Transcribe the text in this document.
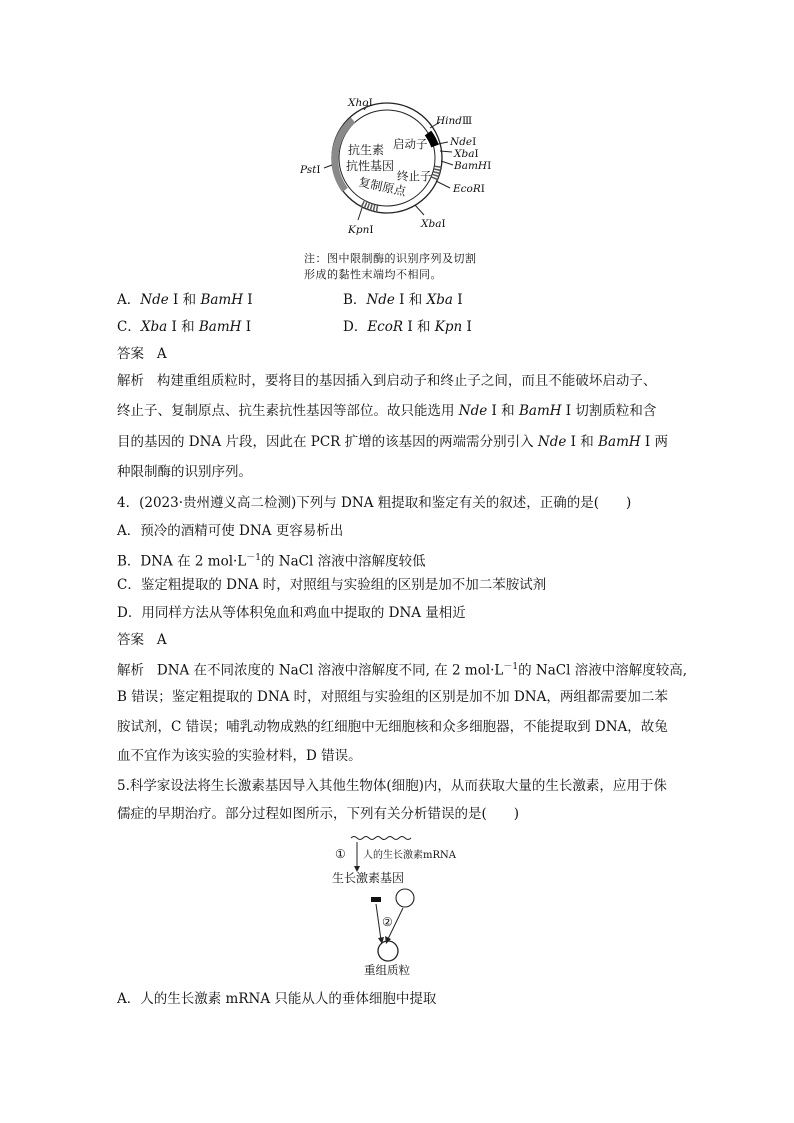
XhoⅠ
HindⅢ
NdeⅠ
XbaⅠ
BamHⅠ
EcoRⅠ
XbaⅠ
KpnⅠ
PstⅠ
启动子
终止子
抗生素
抗性基因
复制原点
注：图中限制酶的识别序列及切割
形成的黏性末端均不相同。
A．Nde Ⅰ 和 BamH Ⅰ	B．Nde Ⅰ 和 Xba Ⅰ
C．Xba Ⅰ 和 BamH Ⅰ	D．EcoR Ⅰ 和 Kpn Ⅰ
答案 A
解析 构建重组质粒时，要将目的基因插入到启动子和终止子之间，而且不能破坏启动子、
终止子、复制原点、抗生素抗性基因等部位。故只能选用 Nde Ⅰ 和 BamH Ⅰ 切割质粒和含
目的基因的 DNA 片段，因此在 PCR 扩增的该基因的两端需分别引入 Nde Ⅰ 和 BamH Ⅰ 两
种限制酶的识别序列。
4．(2023·贵州遵义高二检测)下列与 DNA 粗提取和鉴定有关的叙述，正确的是(　　)
A．预冷的酒精可使 DNA 更容易析出
B．DNA 在 2 $mol\cdot L^{-1}$的 NaCl 溶液中溶解度较低
C．鉴定粗提取的 DNA 时，对照组与实验组的区别是加不加二苯胺试剂
D．用同样方法从等体积兔血和鸡血中提取的 DNA 量相近
答案 A
解析 DNA 在不同浓度的 NaCl 溶液中溶解度不同, 在 2 $mol\cdot L^{-1}$的 NaCl 溶液中溶解度较高,
B 错误；鉴定粗提取的 DNA 时，对照组与实验组的区别是加不加 DNA，两组都需要加二苯
胺试剂，C 错误；哺乳动物成熟的红细胞中无细胞核和众多细胞器，不能提取到 DNA，故兔
血不宜作为该实验的实验材料，D 错误。
5.科学家设法将生长激素基因导入其他生物体(细胞)内，从而获取大量的生长激素，应用于侏
儒症的早期治疗。部分过程如图所示，下列有关分析错误的是(　　)
① 人的生长激素mRNA
生长激素基因
②
重组质粒
A．人的生长激素 mRNA 只能从人的垂体细胞中提取
